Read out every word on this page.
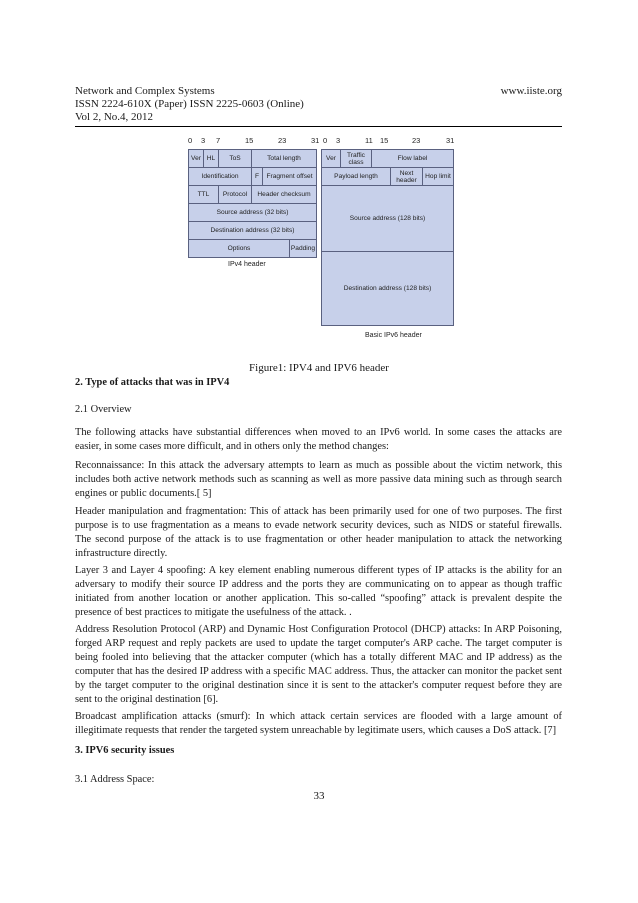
Network and Complex Systems
ISSN 2224-610X (Paper) ISSN 2225-0603 (Online)
Vol 2, No.4, 2012
www.iiste.org
0 3 7	15	23	31 0 3	11 15	23	31
Ver HL	ToS	Total length
Identification	F	Fragment offset
TTL	Protocol	Header checksum
Source address (32 bits)
Destination address (32 bits)
Options	Padding
IPv4 header
Ver	Traffic class	Flow label
Payload length	Next header	Hop limit
Source address (128 bits)
Destination address (128 bits)
Basic IPv6 header
Figure1: IPV4 and IPV6 header
2. Type of attacks that was in IPV4
2.1 Overview
The following attacks have substantial differences when moved to an IPv6 world. In some cases the attacks are easier, in some cases more difficult, and in others only the method changes:
Reconnaissance: In this attack the adversary attempts to learn as much as possible about the victim network, this includes both active network methods such as scanning as well as more passive data mining such as through search engines or public documents.[ 5]
Header manipulation and fragmentation: This of attack has been primarily used for one of two purposes. The first purpose is to use fragmentation as a means to evade network security devices, such as NIDS or stateful firewalls. The second purpose of the attack is to use fragmentation or other header manipulation to attack the networking infrastructure directly.
Layer 3 and Layer 4 spoofing: A key element enabling numerous different types of IP attacks is the ability for an adversary to modify their source IP address and the ports they are communicating on to appear as though traffic initiated from another location or another application. This so-called “spoofing” attack is prevalent despite the presence of best practices to mitigate the usefulness of the attack. .
Address Resolution Protocol (ARP) and Dynamic Host Configuration Protocol (DHCP) attacks: In ARP Poisoning, forged ARP request and reply packets are used to update the target computer's ARP cache. The target computer is being fooled into believing that the attacker computer (which has a totally different MAC and IP address) as the computer that has the desired IP address with a specific MAC address. Thus, the attacker can monitor the packet sent by the target computer to the original destination since it is sent to the attacker's computer request before they are sent to the original destination [6].
Broadcast amplification attacks (smurf): In which attack certain services are flooded with a large amount of illegitimate requests that render the targeted system unreachable by legitimate users, which causes a DoS attack. [7]
3. IPV6 security issues
3.1 Address Space:
33
